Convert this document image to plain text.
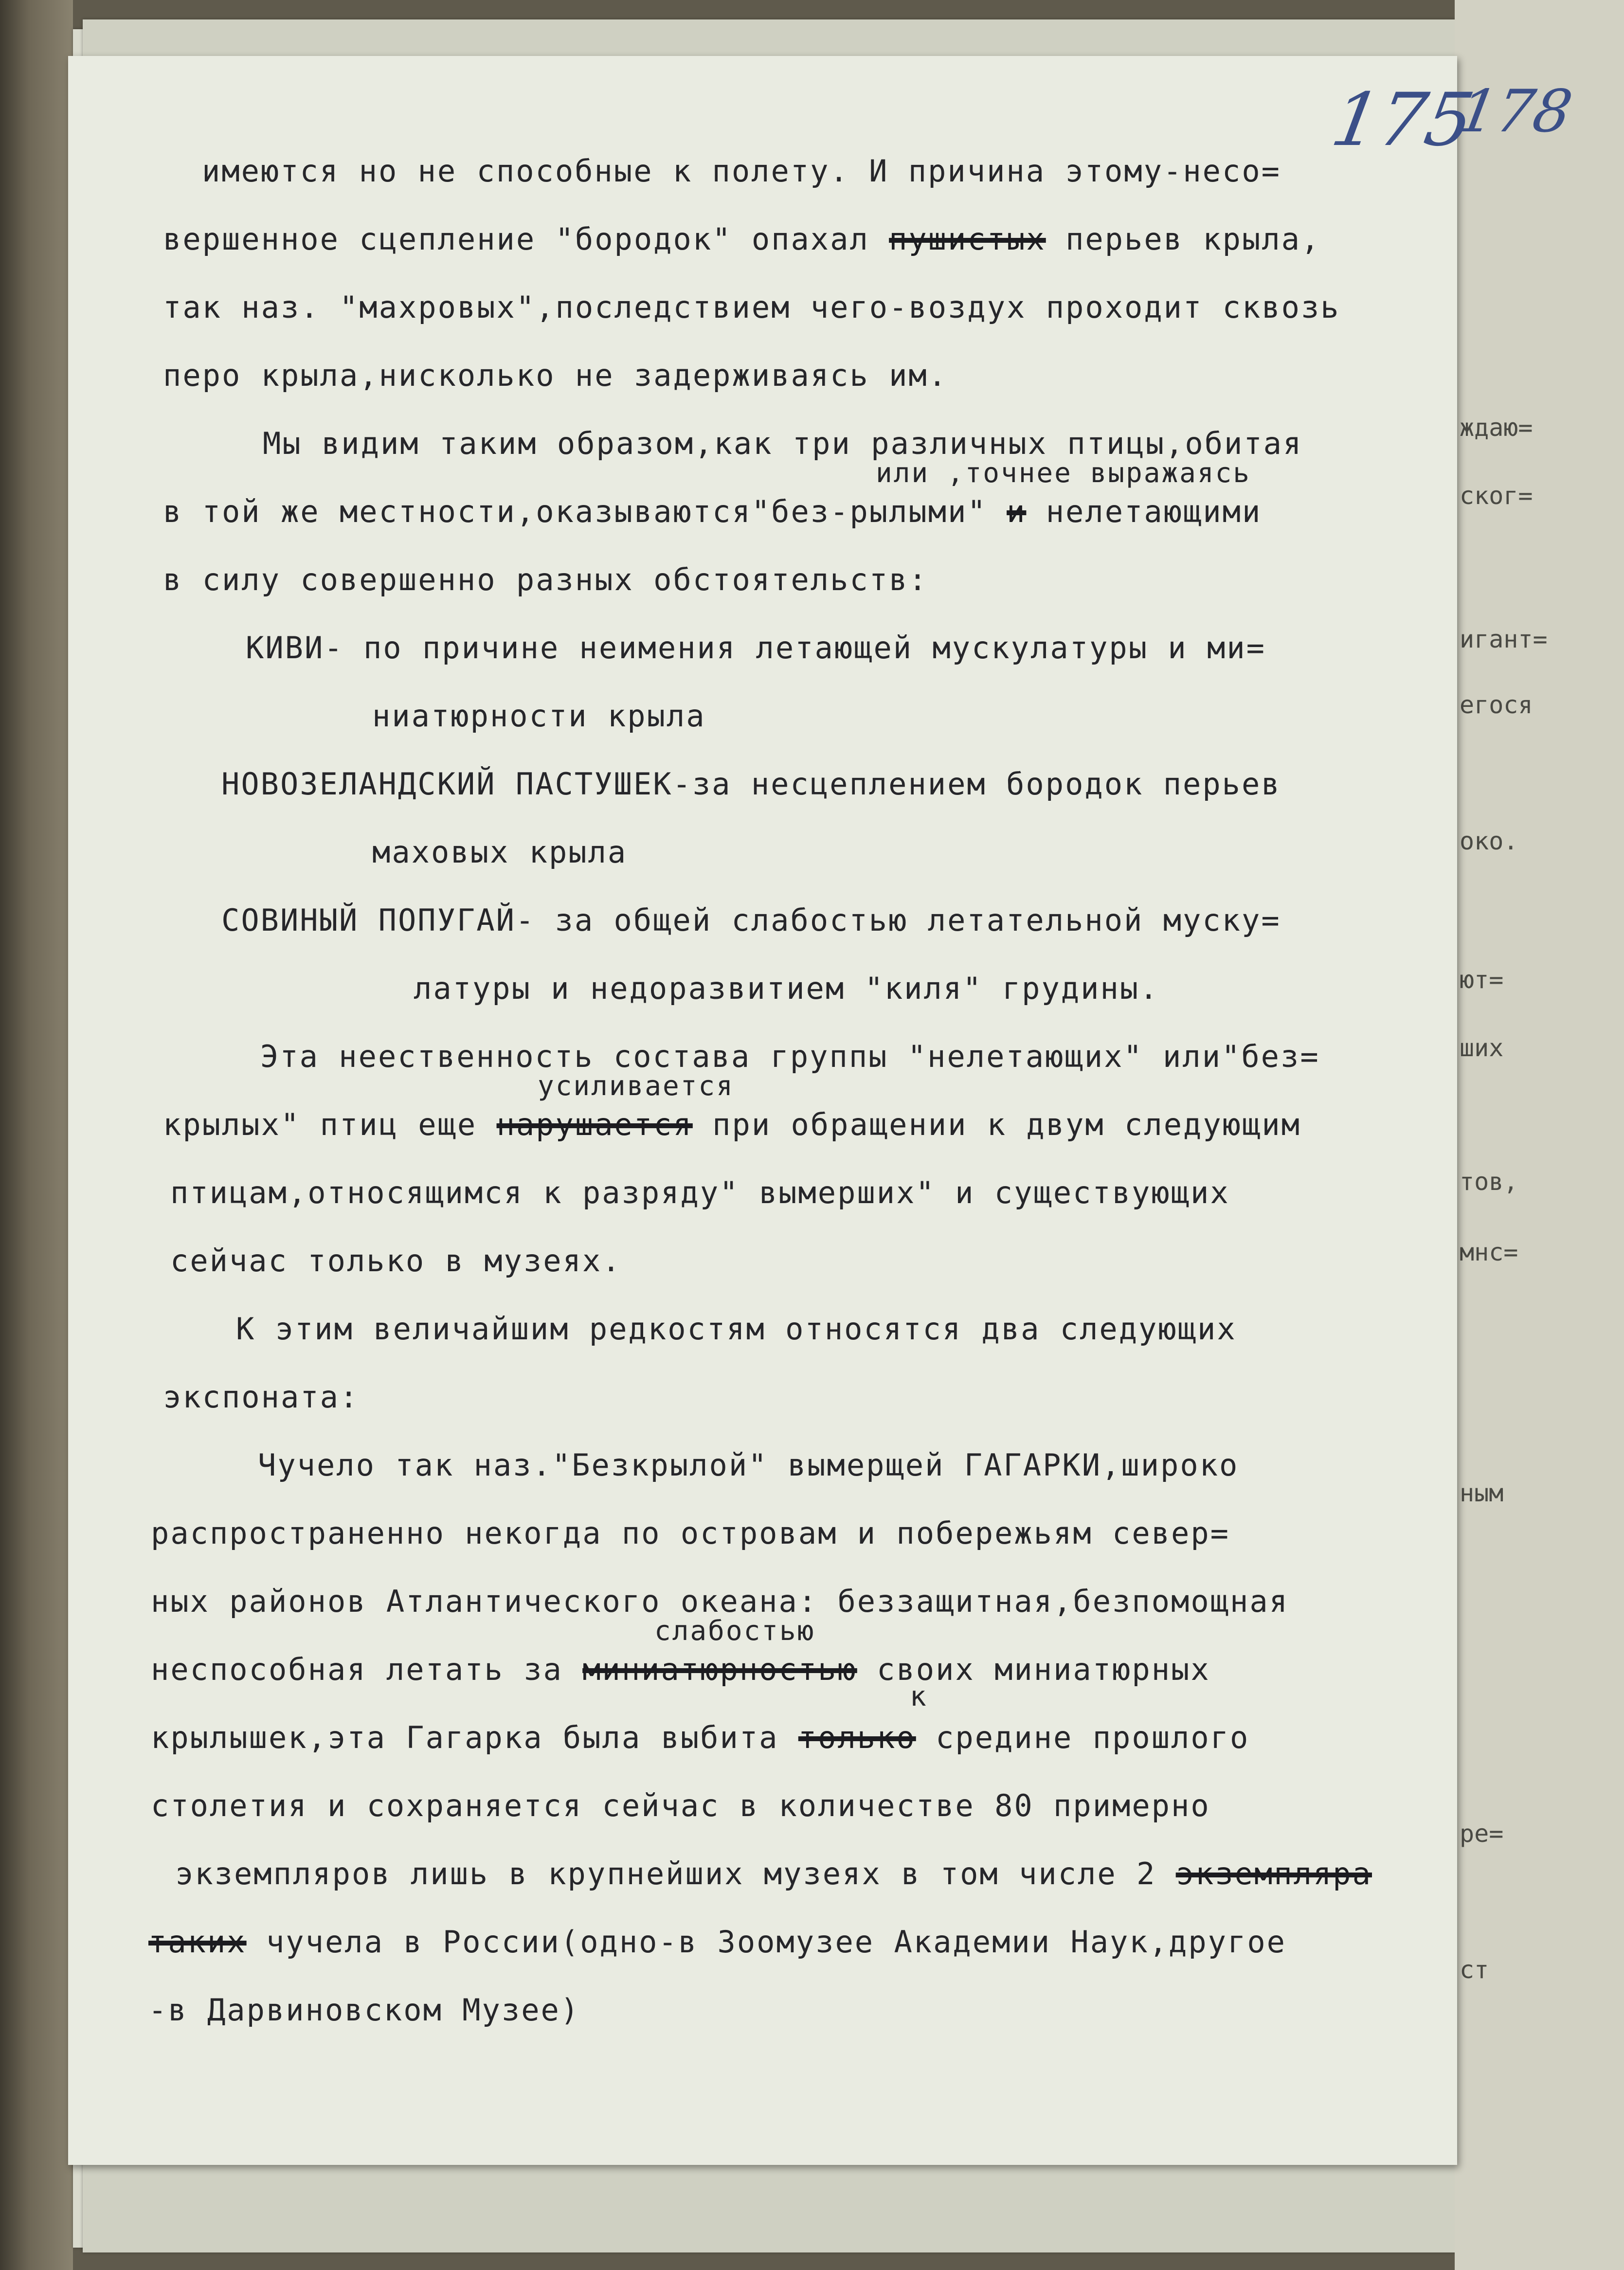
ждаю=
ског=
игант=
егося
око.
ют=
ших
тов,
мнс=
ным
ре=
ст
175
178
имеются но не способные к полету. И причина этому-несо=
вершенное сцепление "бородок" опахал пушистых перьев крыла,
так наз. "махровых",последствием чего-воздух проходит сквозь
перо крыла,нисколько не задерживаясь им.
Мы видим таким образом,как три различных птицы,обитая
или ,точнее выражаясь
в той же местности,оказываются"без-рылыми" и нелетающими
в силу совершенно разных обстоятельств:
КИВИ- по причине неимения летающей мускулатуры и ми=
ниатюрности крыла
НОВОЗЕЛАНДСКИЙ ПАСТУШЕК-за несцеплением бородок перьев
маховых крыла
СОВИНЫЙ ПОПУГАЙ- за общей слабостью летательной муску=
латуры и недоразвитием "киля" грудины.
Эта неественность состава группы "нелетающих" или"без=
усиливается
крылых" птиц еще нарушается при обращении к двум следующим
птицам,относящимся к разряду" вымерших" и существующих
сейчас только в музеях.
К этим величайшим редкостям относятся два следующих
экспоната:
Чучело так наз."Безкрылой" вымерщей ГАГАРКИ,широко
распространенно некогда по островам и побережьям север=
ных районов Атлантического океана: беззащитная,безпомощная
слабостью
неспособная летать за миниатюрностью своих миниатюрных
к
крылышек,эта Гагарка была выбита только средине прошлого
столетия и сохраняется сейчас в количестве 80 примерно
экземпляров лишь в крупнейших музеях в том числе 2 экземпляра
таких чучела в России(одно-в Зоомузее Академии Наук,другое
-в Дарвиновском Музее)
